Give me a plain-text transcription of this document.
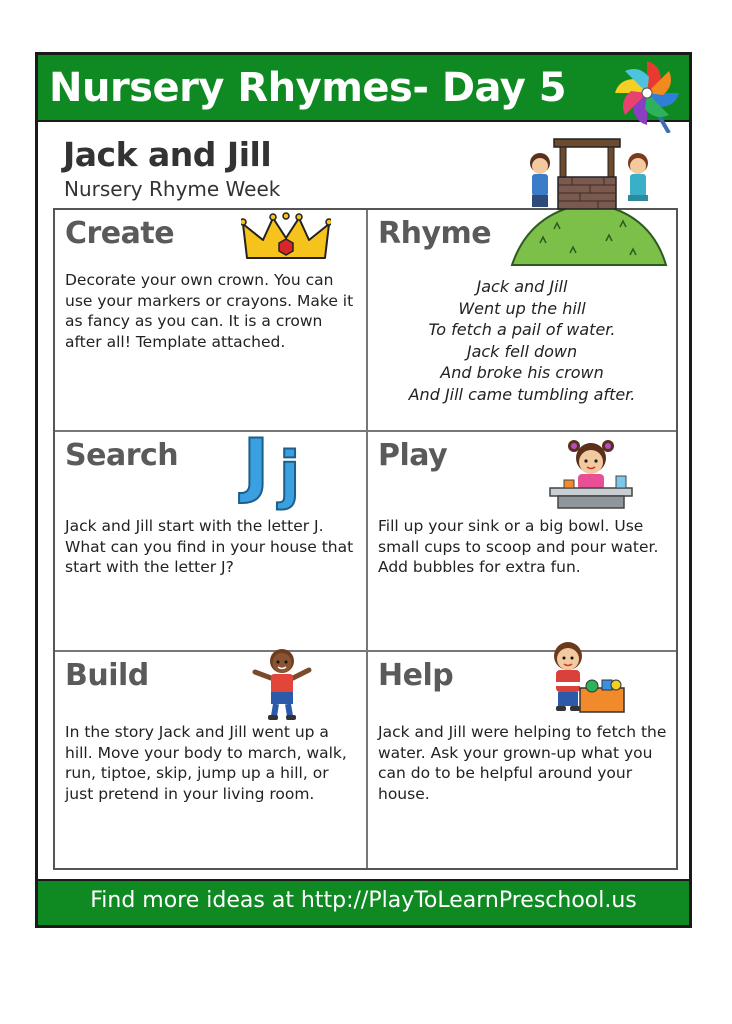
Nursery Rhymes- Day 5
Jack and Jill
Nursery Rhyme Week
Create
Decorate your own crown. You can use your markers or crayons. Make it as fancy as you can. It is a crown after all! Template attached.
Rhyme
Jack and Jill
Went up the hill
To fetch a pail of water.
Jack fell down
And broke his crown
And Jill came tumbling after.
Search J j
Jack and Jill start with the letter J. What can you find in your house that start with the letter J?
Play
Fill up your sink or a big bowl. Use small cups to scoop and pour water. Add bubbles for extra fun.
Build
In the story Jack and Jill went up a hill. Move your body to march, walk, run, tiptoe, skip, jump up a hill, or just pretend in your living room.
Help
Jack and Jill were helping to fetch the water. Ask your grown-up what you can do to be helpful around your house.
Find more ideas at http://PlayToLearnPreschool.us
